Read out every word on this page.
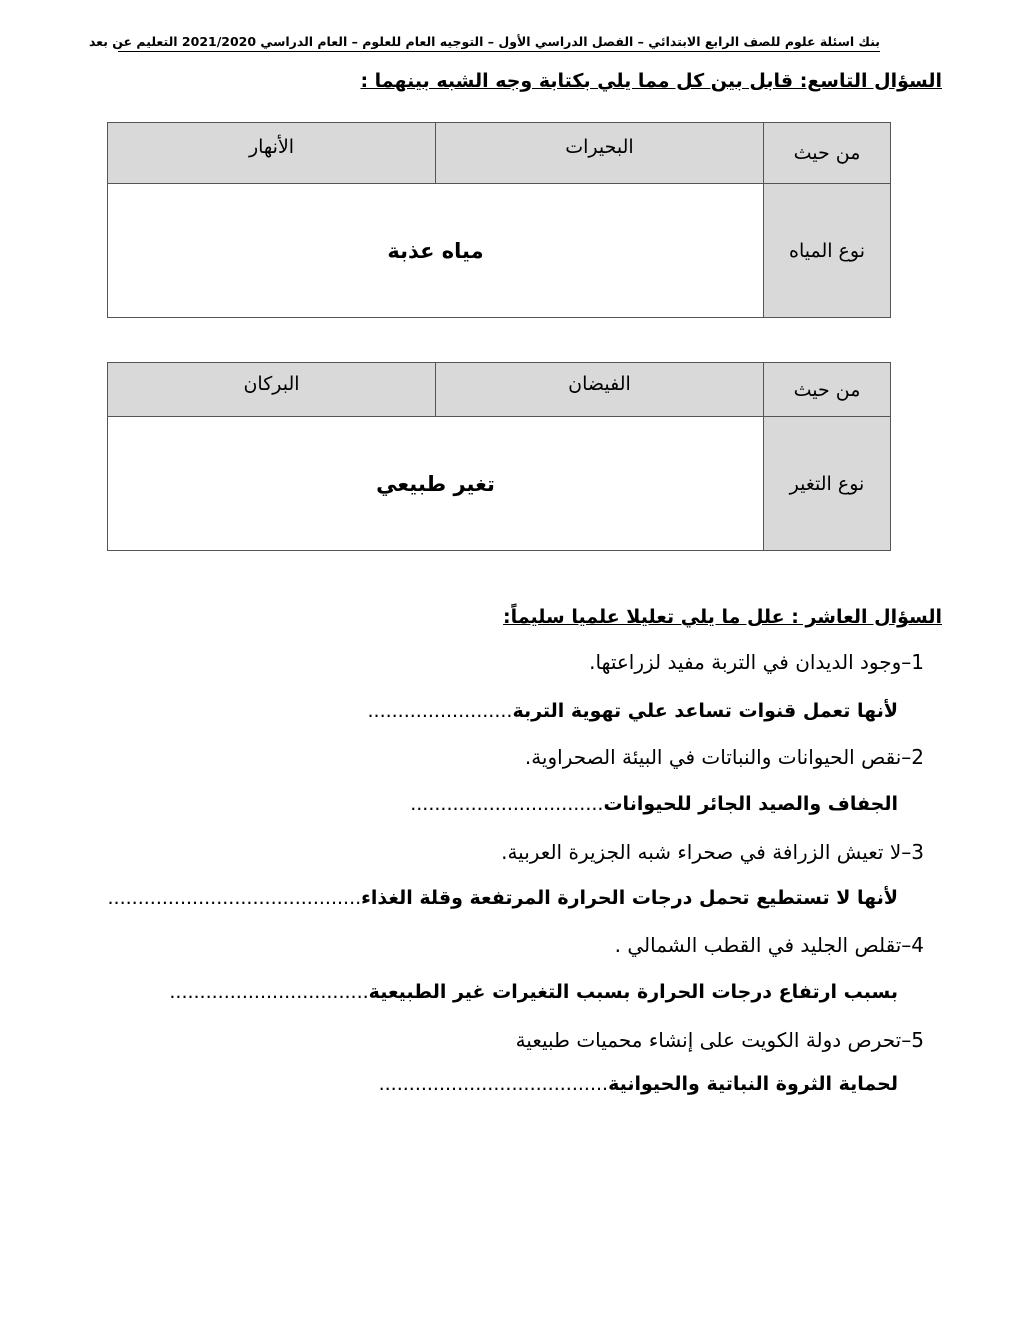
بنك اسئلة علوم للصف الرابع الابتدائي – الفصل الدراسي الأول – التوجيه العام للعلوم – العام الدراسي 2021/2020 التعليم عن بعد
السؤال التاسع: قابل بين كل مما يلي بكتابة وجه الشبه بينهما :
من حيث	البحيرات	الأنهار
نوع المياه	مياه عذبة	
من حيث	الفيضان	البركان
نوع التغير	تغير طبيعي	
السؤال العاشر : علل ما يلي تعليلا علميا سليماً:
1–وجود الديدان في التربة مفيد لزراعتها.
لأنها تعمل قنوات تساعد علي تهوية التربة........................
2–نقص الحيوانات والنباتات في البيئة الصحراوية.
الجفاف والصيد الجائر للحيوانات................................
3–لا تعيش الزرافة في صحراء شبه الجزيرة العربية.
لأنها لا تستطيع تحمل درجات الحرارة المرتفعة وقلة الغذاء..........................................
4–تقلص الجليد في القطب الشمالي .
بسبب ارتفاع درجات الحرارة بسبب التغيرات غير الطبيعية.................................
5–تحرص دولة الكويت على إنشاء محميات طبيعية
لحماية الثروة النباتية والحيوانية......................................
